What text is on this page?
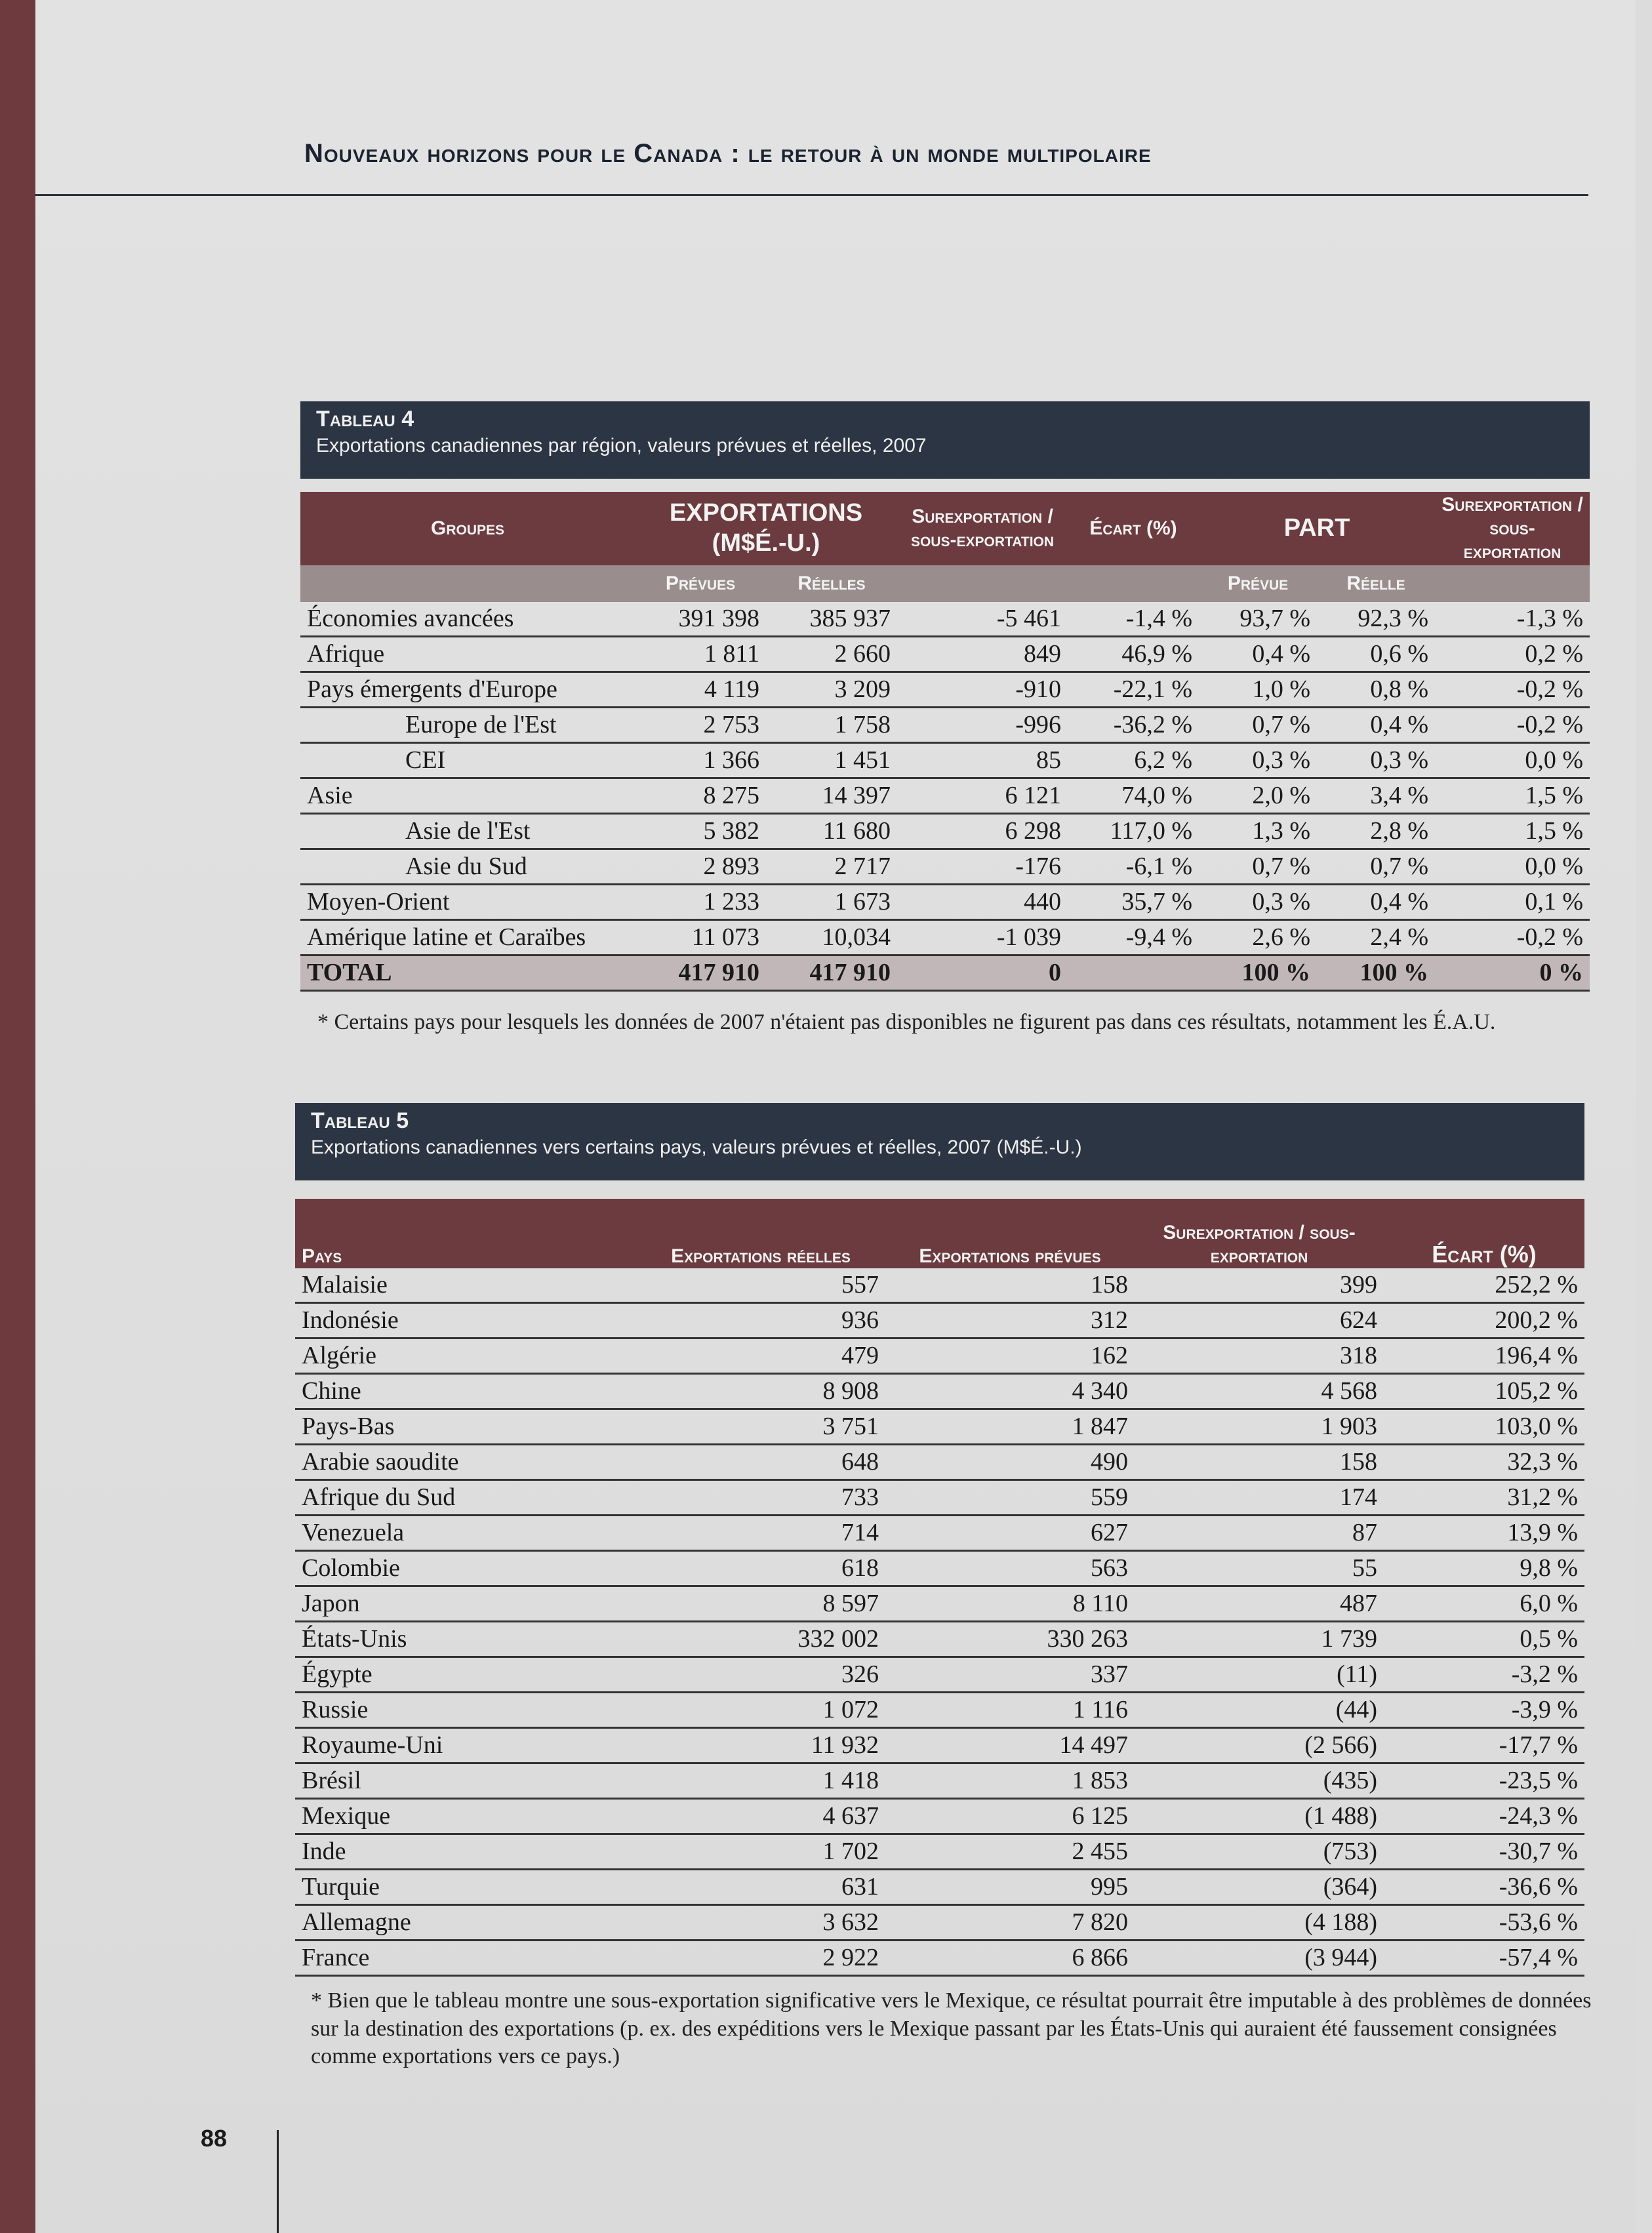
Nouveaux horizons pour le Canada : le retour à un monde multipolaire
Tableau 4
Exportations canadiennes par région, valeurs prévues et réelles, 2007
Groupes	EXPORTATIONS (M$É.-U.)		Surexportation / sous-exportation	Écart (%)	PART		Surexportation / sous-exportation
	Prévues	Réelles			Prévue	Réelle	
Économies avancées	391 398	385 937	-5 461	-1,4 %	93,7 %	92,3 %	-1,3 %
Afrique	1 811	2 660	849	46,9 %	0,4 %	0,6 %	0,2 %
Pays émergents d'Europe	4 119	3 209	-910	-22,1 %	1,0 %	0,8 %	-0,2 %
Europe de l'Est	2 753	1 758	-996	-36,2 %	0,7 %	0,4 %	-0,2 %
CEI	1 366	1 451	85	6,2 %	0,3 %	0,3 %	0,0 %
Asie	8 275	14 397	6 121	74,0 %	2,0 %	3,4 %	1,5 %
Asie de l'Est	5 382	11 680	6 298	117,0 %	1,3 %	2,8 %	1,5 %
Asie du Sud	2 893	2 717	-176	-6,1 %	0,7 %	0,7 %	0,0 %
Moyen-Orient	1 233	1 673	440	35,7 %	0,3 %	0,4 %	0,1 %
Amérique latine et Caraïbes	11 073	10,034	-1 039	-9,4 %	2,6 %	2,4 %	-0,2 %
TOTAL	417 910	417 910	0		100 %	100 %	0 %
* Certains pays pour lesquels les données de 2007 n'étaient pas disponibles ne figurent pas dans ces résultats, notamment les É.A.U.
Tableau 5
Exportations canadiennes vers certains pays, valeurs prévues et réelles, 2007 (M$É.-U.)
Pays	Exportations réelles	Exportations prévues	Surexportation / sous-exportation	Écart (%)
Malaisie	557	158	399	252,2 %
Indonésie	936	312	624	200,2 %
Algérie	479	162	318	196,4 %
Chine	8 908	4 340	4 568	105,2 %
Pays-Bas	3 751	1 847	1 903	103,0 %
Arabie saoudite	648	490	158	32,3 %
Afrique du Sud	733	559	174	31,2 %
Venezuela	714	627	87	13,9 %
Colombie	618	563	55	9,8 %
Japon	8 597	8 110	487	6,0 %
États-Unis	332 002	330 263	1 739	0,5 %
Égypte	326	337	(11)	-3,2 %
Russie	1 072	1 116	(44)	-3,9 %
Royaume-Uni	11 932	14 497	(2 566)	-17,7 %
Brésil	1 418	1 853	(435)	-23,5 %
Mexique	4 637	6 125	(1 488)	-24,3 %
Inde	1 702	2 455	(753)	-30,7 %
Turquie	631	995	(364)	-36,6 %
Allemagne	3 632	7 820	(4 188)	-53,6 %
France	2 922	6 866	(3 944)	-57,4 %
* Bien que le tableau montre une sous-exportation significative vers le Mexique, ce résultat pourrait être imputable à des problèmes de données sur la destination des exportations (p. ex. des expéditions vers le Mexique passant par les États-Unis qui auraient été faussement consignées comme exportations vers ce pays.)
88
